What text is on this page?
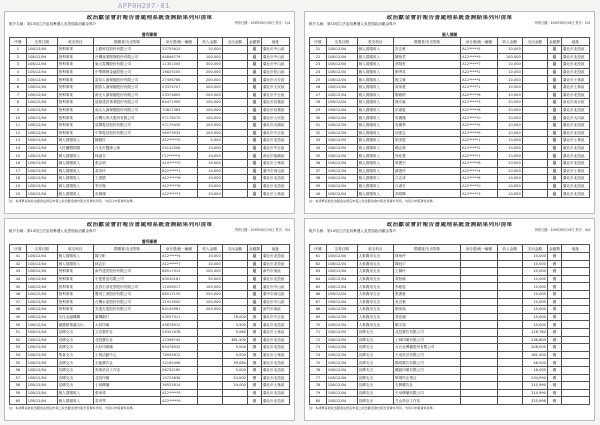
APP0H207-01
政治獻金會計報告書處理系統查詢結果列印清單
帳戶名稱：第10屆立法委員參選人吳思瑤政治獻金專戶	列印日期：109年05月19日 頁次：1/4
營利事業
序號	交易日期	收支科目	捐贈者/支出對象	身分證/統一編號	收入金額	支出金額	金錢類	地址
1	108/12/04	營利事業	上銀科技股份有限公司	22755615	10,000		是	臺北市中山區
2	108/12/04	營利事業	台灣產業開發股份有限公司	84846779	100,000		是	臺北市中山區
3	108/12/04	營利事業	東元電機股份有限公司	11301005	300,000		是	臺北市中山區
4	108/12/04	營利事業	中華開發金融控股公司	16829205	200,000		是	臺北市松山區
5	108/12/04	營利事業	富邦人壽保險股份有限公司	27456786	200,000		是	臺北市大安區
6	108/12/04	營利事業	國泰人壽保險股份有限公司	03374707	200,000		是	臺北市大安區
7	108/12/04	營利事業	新光人壽保險股份有限公司	03374805	200,000		是	臺北市中正區
8	108/12/04	營利事業	遠雄建設事業股份有限公司	84471909	100,000		是	臺北市信義區
9	108/12/04	營利事業	南山人壽保險股份有限公司	70827383	100,000		是	臺北市信義區
10	108/12/04	營利事業	台灣大哥大股份有限公司	97176270	100,000		是	臺北市大安區
11	108/12/04	營利事業	遠傳電信股份有限公司	97179430	100,000		是	臺北市內湖區
12	108/12/04	營利事業	中華電信股份有限公司	96979933	100,000		是	臺北市中正區
13	108/12/04	個人捐贈收入	陳健民	A12*****0	5,000		是	臺北市北投區
14	108/12/04	人民團體捐贈	台北市醫師公會	04142006	10,000		是	臺北市中正區
15	108/12/04	個人捐贈收入	林淑芬	F22*****4	10,000		是	新北市板橋區
16	108/12/04	個人捐贈收入	張志明	A10*****2	10,000		是	臺北市士林區
17	108/12/04	個人捐贈收入	黃美玲	B22*****1	10,000		是	臺中市西屯區
18	108/12/04	個人捐贈收入	王建國	A12*****6	10,000		是	臺北市北投區
19	108/12/04	個人捐贈收入	李宗翰	A12*****8	10,000		是	臺北市北投區
20	108/12/04	個人捐贈收入	吳佩珊	A22*****3	10,000		是	臺北市士林區
註：本清單係依政治獻金法規定申報之政治獻金會計報告書資料列印，內容以申報資料為準。
政治獻金會計報告書處理系統查詢結果列印清單
帳戶名稱：第10屆立法委員參選人吳思瑤政治獻金專戶	列印日期：109年05月19日 頁次：2/4
個人捐贈
序號	交易日期	收支科目	捐贈者/支出對象	身分證/統一編號	收入金額	支出金額	金錢類	地址
21	108/12/04	個人捐贈收入	許志豪	A12*****5	10,000		是	臺北市北投區
22	108/12/04	個人捐贈收入	陳怡君	A22*****9	100,000		是	臺北市北投區
23	108/12/04	個人捐贈收入	蔡明哲	A12*****7	10,000		是	臺北市北投區
24	108/12/04	個人捐贈收入	劉秀英	A22*****2	10,000		是	臺北市北投區
25	108/12/04	個人捐贈收入	楊文雄	A12*****4	10,000		是	臺北市士林區
26	108/12/04	個人捐贈收入	周家豪	A12*****1	10,000		是	臺北市士林區
27	108/12/04	個人捐贈收入	鄭雅婷	A22*****6	10,000		是	臺北市北投區
28	108/12/04	個人捐贈收入	謝宗霖	A12*****3	10,000		是	新北市淡水區
29	108/12/04	個人捐贈收入	洪淑惠	A22*****8	10,000		是	臺北市北投區
30	108/12/04	個人捐贈收入	郭俊傑	A12*****0	10,000		是	臺北市大同區
31	108/12/04	個人捐贈收入	曾麗華	A22*****5	10,000		是	臺北市北投區
32	108/12/04	個人捐贈收入	邱建志	A12*****9	10,000		是	臺北市北投區
33	108/12/04	個人捐贈收入	廖美惠	A22*****1	10,000		是	臺北市士林區
34	108/12/04	個人捐贈收入	賴志偉	A12*****2	10,000		是	臺北市北投區
35	108/12/04	個人捐贈收入	徐佳慧	A22*****7	10,000		是	臺北市北投區
36	108/12/04	個人捐贈收入	葉俊宏	A12*****6	10,000		是	臺北市北投區
37	108/12/04	個人捐贈收入	蘇惠玲	A22*****4	10,000		是	臺北市士林區
38	108/12/04	個人捐贈收入	江志成	A12*****8	10,000		是	臺北市北投區
39	108/12/04	個人捐贈收入	呂淑芳	A22*****0	10,000		是	臺北市北投區
40	108/12/04	個人捐贈收入	高明輝	A12*****3	10,000		是	臺北市北投區
註：本清單係依政治獻金法規定申報之政治獻金會計報告書資料列印，內容以申報資料為準。
政治獻金會計報告書處理系統查詢結果列印清單
帳戶名稱：第10屆立法委員參選人吳思瑤政治獻金專戶	列印日期：109年05月19日 頁次：3/4
營利事業
序號	交易日期	收支科目	捐贈者/支出對象	身分證/統一編號	收入金額	支出金額	金錢類	地址
41	108/12/04	個人捐贈收入	陳文彬	A12*****4	10,000		是	臺北市北投區
42	108/12/04	個人捐贈收入	林志宏	A12*****7	10,000		是	臺北市北投區
43	108/12/04	營利事業	新竹建設股份有限公司	86517413	100,000		是	新竹市東區
44	108/12/04	營利事業	宏達營造有限公司	80030181	30,000		是	臺北市北投區
45	108/12/04	營利事業	長春石油化學股份有限公司	11058917	100,000		是	臺北市中山區
46	108/12/04	營利事業	寶成工業股份有限公司	86517155	250,000		是	臺中市西屯區
47	108/12/04	營利事業	台灣水泥股份有限公司	11913502	100,000		是	臺北市中山區
48	108/12/04	營利事業	友達光電股份有限公司	84149961	200,000		是	新竹市東區
49	108/12/04	支付金融機構	臺灣銀行	03557311		78,000	否	臺北市中正區
50	108/12/04	競選辦事處支出	大同印刷	45678912		3,500	否	臺北市北投區
51	108/12/04	宣傳支出	文宣製作社	54321678		9,060	否	臺北市士林區
52	108/12/04	宣傳支出	北投廣告社	12398745		381,500	否	臺北市北投區
53	108/12/04	宣傳支出	大好印刷廠	65478932		9,000	否	臺北市北投區
54	108/12/04	集會支出	士林活動中心	78945612		3,000	否	臺北市士林區
55	108/12/04	宣傳支出	全能廣告社	32165498		39,060	否	臺北市北投區
56	108/12/04	宣傳支出	美術設計工作室	98732165		5,000	否	臺北市北投區
57	108/12/04	宣傳支出	北投印刷	14725836		24,000	否	臺北市北投區
58	108/12/04	宣傳支出	士林傳播	36925814		24,000	否	臺北市士林區
59	108/12/04	個人捐贈收入	張家瑋	A12*****5			否	臺北市北投區
60	108/12/04	個人捐贈收入	黃秀琴	A22*****9			否	臺北市北投區
註：本清單係依政治獻金法規定申報之政治獻金會計報告書資料列印，內容以申報資料為準。
政治獻金會計報告書處理系統查詢結果列印清單
帳戶名稱：第10屆立法委員參選人吳思瑤政治獻金專戶	列印日期：109年05月19日 頁次：4/4
序號	交易日期	收支科目	捐贈者/支出對象	身分證/統一編號	收入金額	支出金額	金錢類	地址
61	108/12/04	人事費用支出	林怡伶			10,000	否	
62	108/12/04	人事費用支出	陳冠宇			10,000	否	
63	108/12/04	人事費用支出	王佩玲			10,000	否	
64	108/12/04	人事費用支出	黃柏翰			10,000	否	
65	108/12/04	人事費用支出	李雅雯			10,000	否	
66	108/12/04	人事費用支出	張書豪			10,000	否	
67	108/12/04	人事費用支出	吳宜蓁			10,000	否	
68	108/12/04	人事費用支出	劉家銘			10,000	否	
69	108/12/04	人事費用支出	蔡佳穎			10,000	否	
70	108/12/04	人事費用支出	鄭宇翔			10,000	否	
71	108/12/04	宣傳支出	北投廣告有限公司			126,760	否	
72	108/12/04	宣傳支出	士林印刷有限公司			236,800	否	
73	108/12/04	宣傳支出	大台北傳播股份有限公司			208,000	否	
74	108/12/04	宣傳支出	天成設計有限公司			182,400	否	
75	108/12/04	宣傳支出	陽明廣告有限公司			46,500	否	
76	108/12/04	宣傳支出	關渡印刷有限公司			18,000	否	
77	108/12/04	宣傳支出	唭哩岸企業社			234,990	否	
78	108/12/04	宣傳支出	石牌廣告社			210,990	否	
79	108/12/04	宣傳支出	天母傳播有限公司			214,990	否	
80	108/12/04	宣傳支出	芝山設計工作室			325,998	否	
註：本清單係依政治獻金法規定申報之政治獻金會計報告書資料列印，內容以申報資料為準。
